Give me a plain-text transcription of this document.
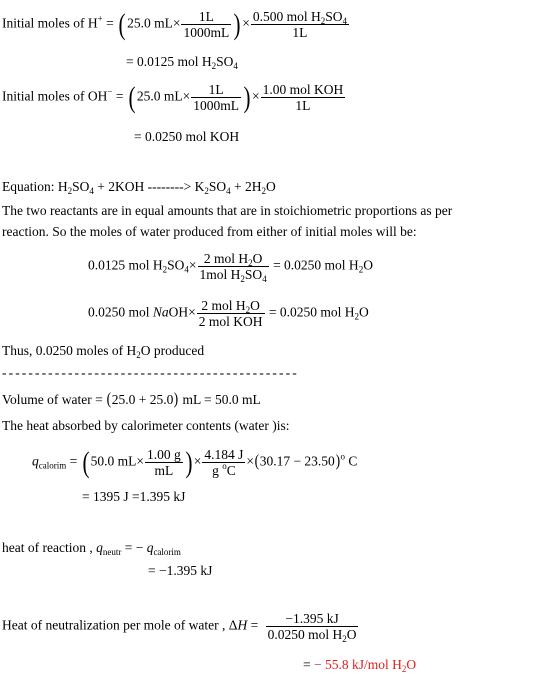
Initial moles of H+ = ( 25.0 $mL\times \frac{1L}{1000mL}$ ) × $\frac{0.500 mol H_2SO_4}{1L}$
= 0.0125 mol $H_2SO_4$
Initial moles of OH− = ( 25.0 $mL\times \frac{1L}{1000mL}$ ) × $\frac{\text{1.00 mol KOH}}{1L}$
= 0.0250 mol KOH
Equation: $H_2SO_4 + 2KOH$ --------> $K_2SO_4 + 2H_2O$
The two reactants are in equal amounts that are in stoichiometric proportions as per
reaction. So the moles of water produced from either of initial moles will be:
0.0125 mol $H_2SO_4\times \frac{2 mol H_2O}{1mol H_2SO_4} = 0.0250$ mol $H_2O$
0.0250 mol NaOH× $\frac{2 mol H_2O}{\text{2 mol KOH}} = 0.0250$ mol $H_2O$
Thus, 0.0250 moles of $H_2O$ produced
---------------------------------------------
Volume of water = (25.0 + 25.0) mL = 50.0 mL
The heat absorbed by calorimeter contents (water )is:
$q_{calorim}$ = ( 50.0 $mL\times \frac{1.00 g}{mL}$ ) × $\frac{4.184 J}{g ^oC} \times(30.17 - 23.50)^o$ C
= 1395 J =1.395 kJ
heat of reaction , $q_{neutr}$ = − $q_{calorim}$
= −1.395 kJ
Heat of neutralization per mole of water , $\Delta H = \frac{-1.395 kJ}{0.0250 mol H_2O}$
= − 55.8 kJ/mol $H_2O$
